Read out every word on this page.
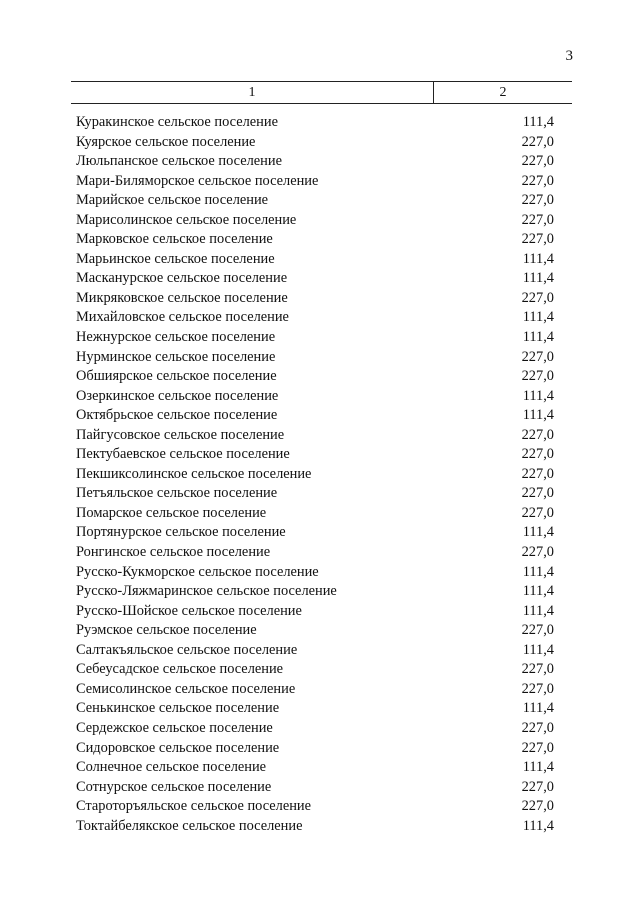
3
1	2
Куракинское сельское поселение	111,4
Куярское сельское поселение	227,0
Люльпанское сельское поселение	227,0
Мари-Биляморское сельское поселение	227,0
Марийское сельское поселение	227,0
Марисолинское сельское поселение	227,0
Марковское сельское поселение	227,0
Марьинское сельское поселение	111,4
Масканурское сельское поселение	111,4
Микряковское сельское поселение	227,0
Михайловское сельское поселение	111,4
Нежнурское сельское поселение	111,4
Нурминское сельское поселение	227,0
Обшиярское сельское поселение	227,0
Озеркинское сельское поселение	111,4
Октябрьское сельское поселение	111,4
Пайгусовское сельское поселение	227,0
Пектубаевское сельское поселение	227,0
Пекшиксолинское сельское поселение	227,0
Петъяльское сельское поселение	227,0
Помарское сельское поселение	227,0
Портянурское сельское поселение	111,4
Ронгинское сельское поселение	227,0
Русско-Кукморское сельское поселение	111,4
Русско-Ляжмаринское сельское поселение	111,4
Русско-Шойское сельское поселение	111,4
Руэмское сельское поселение	227,0
Салтакъяльское сельское поселение	111,4
Себеусадское сельское поселение	227,0
Семисолинское сельское поселение	227,0
Сенькинское сельское поселение	111,4
Сердежское сельское поселение	227,0
Сидоровское сельское поселение	227,0
Солнечное сельское поселение	111,4
Сотнурское сельское поселение	227,0
Староторъяльское сельское поселение	227,0
Токтайбелякское сельское поселение	111,4
